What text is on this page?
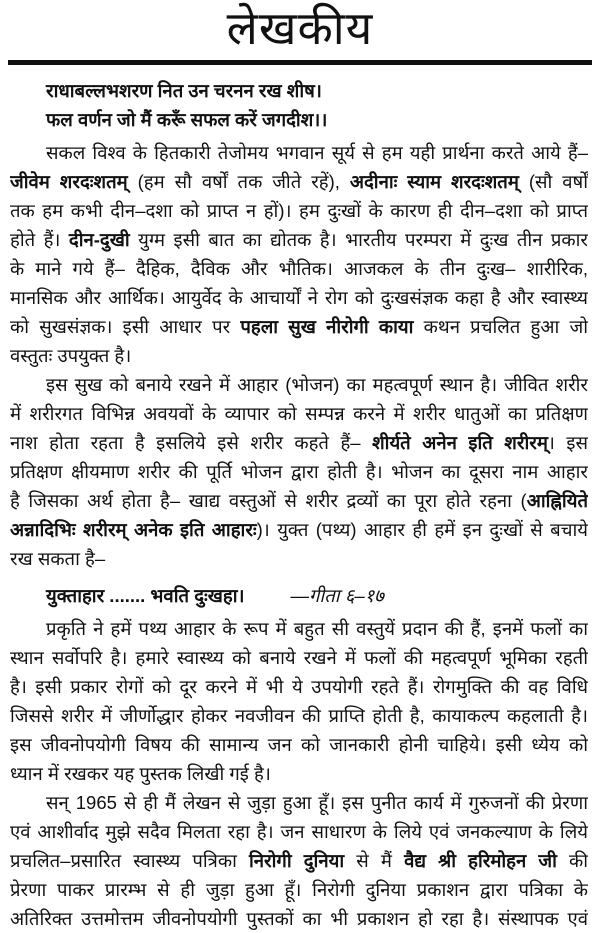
लेखकीय
राधाबल्लभशरण नित उन चरनन रख शीष।
फल वर्णन जो मैं करूँ सफल करें जगदीश।।
सकल विश्व के हितकारी तेजोमय भगवान सूर्य से हम यही प्रार्थना करते आये हैं–
जीवेम शरदःशतम् (हम सौ वर्षों तक जीते रहें), अदीनाः स्याम शरदःशतम् (सौ वर्षों
तक हम कभी दीन–दशा को प्राप्त न हों)। हम दुःखों के कारण ही दीन–दशा को प्राप्त
होते हैं। दीन-दुखी युग्म इसी बात का द्योतक है। भारतीय परम्परा में दुःख तीन प्रकार
के माने गये हैं– दैहिक, दैविक और भौतिक। आजकल के तीन दुःख– शारीरिक,
मानसिक और आर्थिक। आयुर्वेद के आचार्यों ने रोग को दुःखसंज्ञक कहा है और स्वास्थ्य
को सुखसंज्ञक। इसी आधार पर पहला सुख नीरोगी काया कथन प्रचलित हुआ जो
वस्तुतः उपयुक्त है।
इस सुख को बनाये रखने में आहार (भोजन) का महत्वपूर्ण स्थान है। जीवित शरीर
में शरीरगत विभिन्न अवयवों के व्यापार को सम्पन्न करने में शरीर धातुओं का प्रतिक्षण
नाश होता रहता है इसलिये इसे शरीर कहते हैं– शीर्यते अनेन इति शरीरम्। इस
प्रतिक्षण क्षीयमाण शरीर की पूर्ति भोजन द्वारा होती है। भोजन का दूसरा नाम आहार
है जिसका अर्थ होता है– खाद्य वस्तुओं से शरीर द्रव्यों का पूरा होते रहना (आह्नियिते
अन्नादिभिः शरीरम् अनेक इति आहारः)। युक्त (पथ्य) आहार ही हमें इन दुःखों से बचाये
रख सकता है–
युक्ताहार ....... भवति दुःखहा। —गीता ६–१७
प्रकृति ने हमें पथ्य आहार के रूप में बहुत सी वस्तुयें प्रदान की हैं, इनमें फलों का
स्थान सर्वोपरि है। हमारे स्वास्थ्य को बनाये रखने में फलों की महत्वपूर्ण भूमिका रहती
है। इसी प्रकार रोगों को दूर करने में भी ये उपयोगी रहते हैं। रोगमुक्ति की वह विधि
जिससे शरीर में जीर्णोद्धार होकर नवजीवन की प्राप्ति होती है, कायाकल्प कहलाती है।
इस जीवनोपयोगी विषय की सामान्य जन को जानकारी होनी चाहिये। इसी ध्येय को
ध्यान में रखकर यह पुस्तक लिखी गई है।
सन् 1965 से ही मैं लेखन से जुड़ा हुआ हूँ। इस पुनीत कार्य में गुरुजनों की प्रेरणा
एवं आशीर्वाद मुझे सदैव मिलता रहा है। जन साधारण के लिये एवं जनकल्याण के लिये
प्रचलित–प्रसारित स्वास्थ्य पत्रिका निरोगी दुनिया से मैं वैद्य श्री हरिमोहन जी की
प्रेरणा पाकर प्रारम्भ से ही जुड़ा हुआ हूँ। निरोगी दुनिया प्रकाशन द्वारा पत्रिका के
अतिरिक्त उत्तमोत्तम जीवनोपयोगी पुस्तकों का भी प्रकाशन हो रहा है। संस्थापक एवं
